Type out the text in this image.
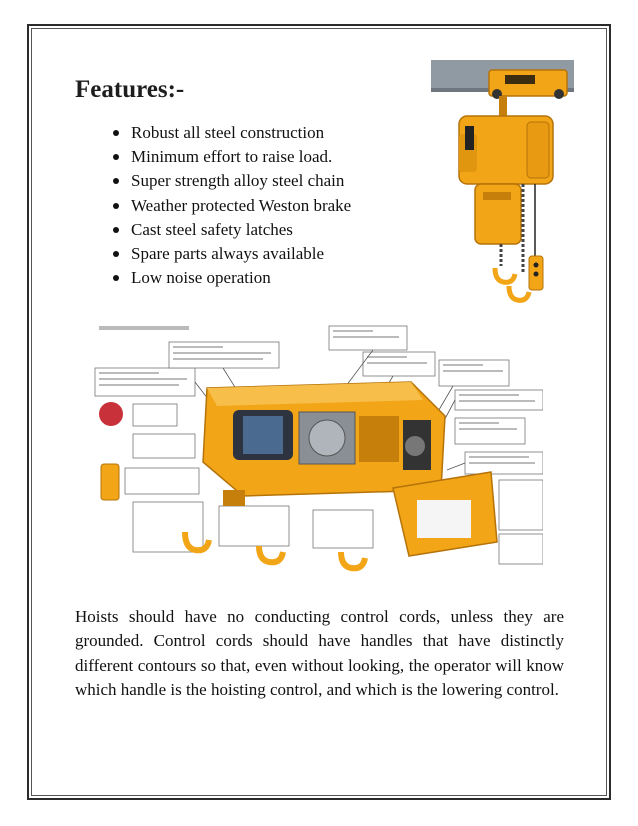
Features:-
Robust all steel construction
Minimum effort to raise load.
Super strength alloy steel chain
Weather protected Weston brake
Cast steel safety latches
Spare parts always available
Low noise operation

Hoists should have no conducting control cords, unless they are grounded. Control cords should have handles that have distinctly different contours so that, even without looking, the operator will know which handle is the hoisting control, and which is the lowering control.
